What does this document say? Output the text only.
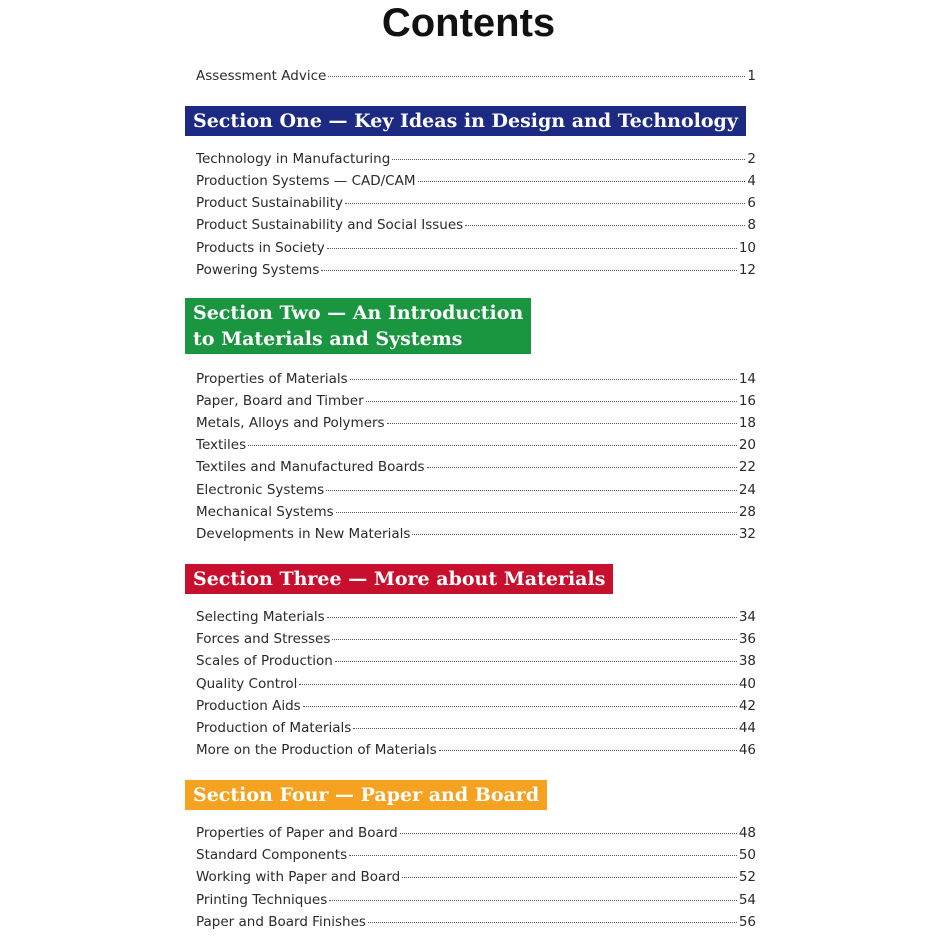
Contents
Assessment Advice	1
Section One — Key Ideas in Design and Technology
Technology in Manufacturing	2
Production Systems — CAD/CAM	4
Product Sustainability	6
Product Sustainability and Social Issues	8
Products in Society	10
Powering Systems	12
Section Two — An Introduction
to Materials and Systems
Properties of Materials	14
Paper, Board and Timber	16
Metals, Alloys and Polymers	18
Textiles	20
Textiles and Manufactured Boards	22
Electronic Systems	24
Mechanical Systems	28
Developments in New Materials	32
Section Three — More about Materials
Selecting Materials	34
Forces and Stresses	36
Scales of Production	38
Quality Control	40
Production Aids	42
Production of Materials	44
More on the Production of Materials	46
Section Four — Paper and Board
Properties of Paper and Board	48
Standard Components	50
Working with Paper and Board	52
Printing Techniques	54
Paper and Board Finishes	56
